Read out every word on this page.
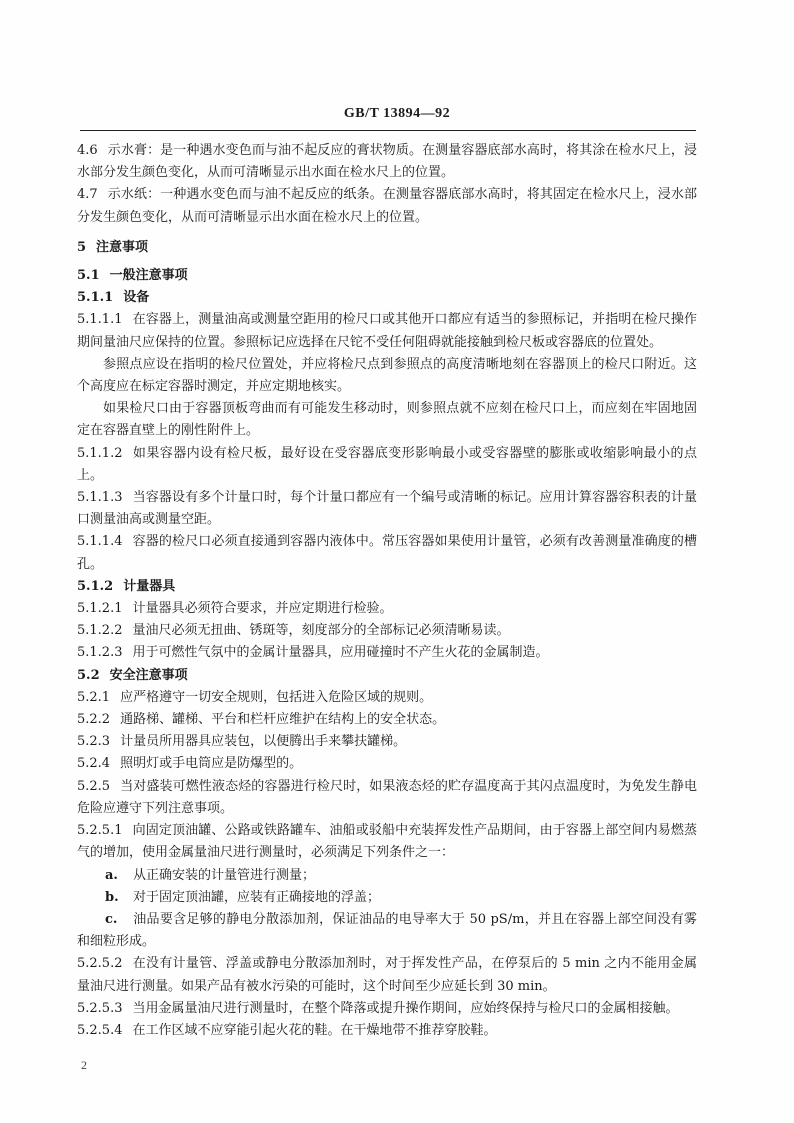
GB/T 13894—92

4.6 示水膏：是一种遇水变色而与油不起反应的膏状物质。在测量容器底部水高时，将其涂在检水尺上，浸水部分发生颜色变化，从而可清晰显示出水面在检水尺上的位置。

4.7 示水纸：一种遇水变色而与油不起反应的纸条。在测量容器底部水高时，将其固定在检水尺上，浸水部分发生颜色变化，从而可清晰显示出水面在检水尺上的位置。

5 注意事项

5.1 一般注意事项

5.1.1 设备

5.1.1.1 在容器上，测量油高或测量空距用的检尺口或其他开口都应有适当的参照标记，并指明在检尺操作期间量油尺应保持的位置。参照标记应选择在尺铊不受任何阻碍就能接触到检尺板或容器底的位置处。

参照点应设在指明的检尺位置处，并应将检尺点到参照点的高度清晰地刻在容器顶上的检尺口附近。这个高度应在标定容器时测定，并应定期地核实。

如果检尺口由于容器顶板弯曲而有可能发生移动时，则参照点就不应刻在检尺口上，而应刻在牢固地固定在容器直壁上的刚性附件上。

5.1.1.2 如果容器内设有检尺板，最好设在受容器底变形影响最小或受容器壁的膨胀或收缩影响最小的点上。

5.1.1.3 当容器设有多个计量口时，每个计量口都应有一个编号或清晰的标记。应用计算容器容积表的计量口测量油高或测量空距。

5.1.1.4 容器的检尺口必须直接通到容器内液体中。常压容器如果使用计量管，必须有改善测量准确度的槽孔。

5.1.2 计量器具

5.1.2.1 计量器具必须符合要求，并应定期进行检验。

5.1.2.2 量油尺必须无扭曲、锈斑等，刻度部分的全部标记必须清晰易读。

5.1.2.3 用于可燃性气氛中的金属计量器具，应用碰撞时不产生火花的金属制造。

5.2 安全注意事项

5.2.1 应严格遵守一切安全规则，包括进入危险区域的规则。

5.2.2 通路梯、罐梯、平台和栏杆应维护在结构上的安全状态。

5.2.3 计量员所用器具应装包，以便腾出手来攀扶罐梯。

5.2.4 照明灯或手电筒应是防爆型的。

5.2.5 当对盛装可燃性液态烃的容器进行检尺时，如果液态烃的贮存温度高于其闪点温度时，为免发生静电危险应遵守下列注意事项。

5.2.5.1 向固定顶油罐、公路或铁路罐车、油船或驳船中充装挥发性产品期间，由于容器上部空间内易燃蒸气的增加，使用金属量油尺进行测量时，必须满足下列条件之一：

a. 从正确安装的计量管进行测量；

b. 对于固定顶油罐，应装有正确接地的浮盖；

c. 油品要含足够的静电分散添加剂，保证油品的电导率大于 50 pS/m，并且在容器上部空间没有雾和细粒形成。

5.2.5.2 在没有计量管、浮盖或静电分散添加剂时，对于挥发性产品，在停泵后的 5 min 之内不能用金属量油尺进行测量。如果产品有被水污染的可能时，这个时间至少应延长到 30 min。

5.2.5.3 当用金属量油尺进行测量时，在整个降落或提升操作期间，应始终保持与检尺口的金属相接触。

5.2.5.4 在工作区域不应穿能引起火花的鞋。在干燥地带不推荐穿胶鞋。

2
